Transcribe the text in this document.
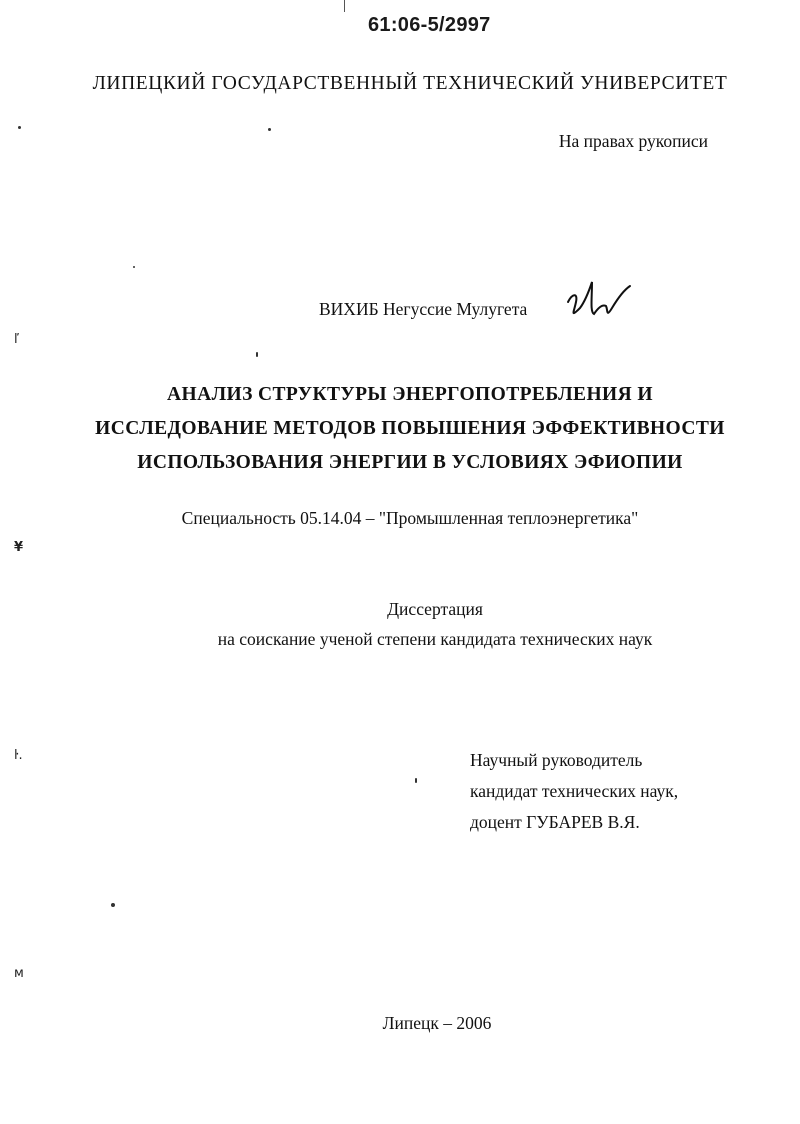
61:06-5/2997
ЛИПЕЦКИЙ ГОСУДАРСТВЕННЫЙ ТЕХНИЧЕСКИЙ УНИВЕРСИТЕТ
На правах рукописи
ВИХИБ Негуссие Мулугета
АНАЛИЗ СТРУКТУРЫ ЭНЕРГОПОТРЕБЛЕНИЯ И
ИССЛЕДОВАНИЕ МЕТОДОВ ПОВЫШЕНИЯ ЭФФЕКТИВНОСТИ
ИСПОЛЬЗОВАНИЯ ЭНЕРГИИ В УСЛОВИЯХ ЭФИОПИИ
Специальность 05.14.04 – "Промышленная теплоэнергетика"
Диссертация
на соискание ученой степени кандидата технических наук
Научный руководитель
кандидат технических наук,
доцент ГУБАРЕВ В.Я.
Липецк – 2006
ľ
¥
ŀ.
ᴍ
